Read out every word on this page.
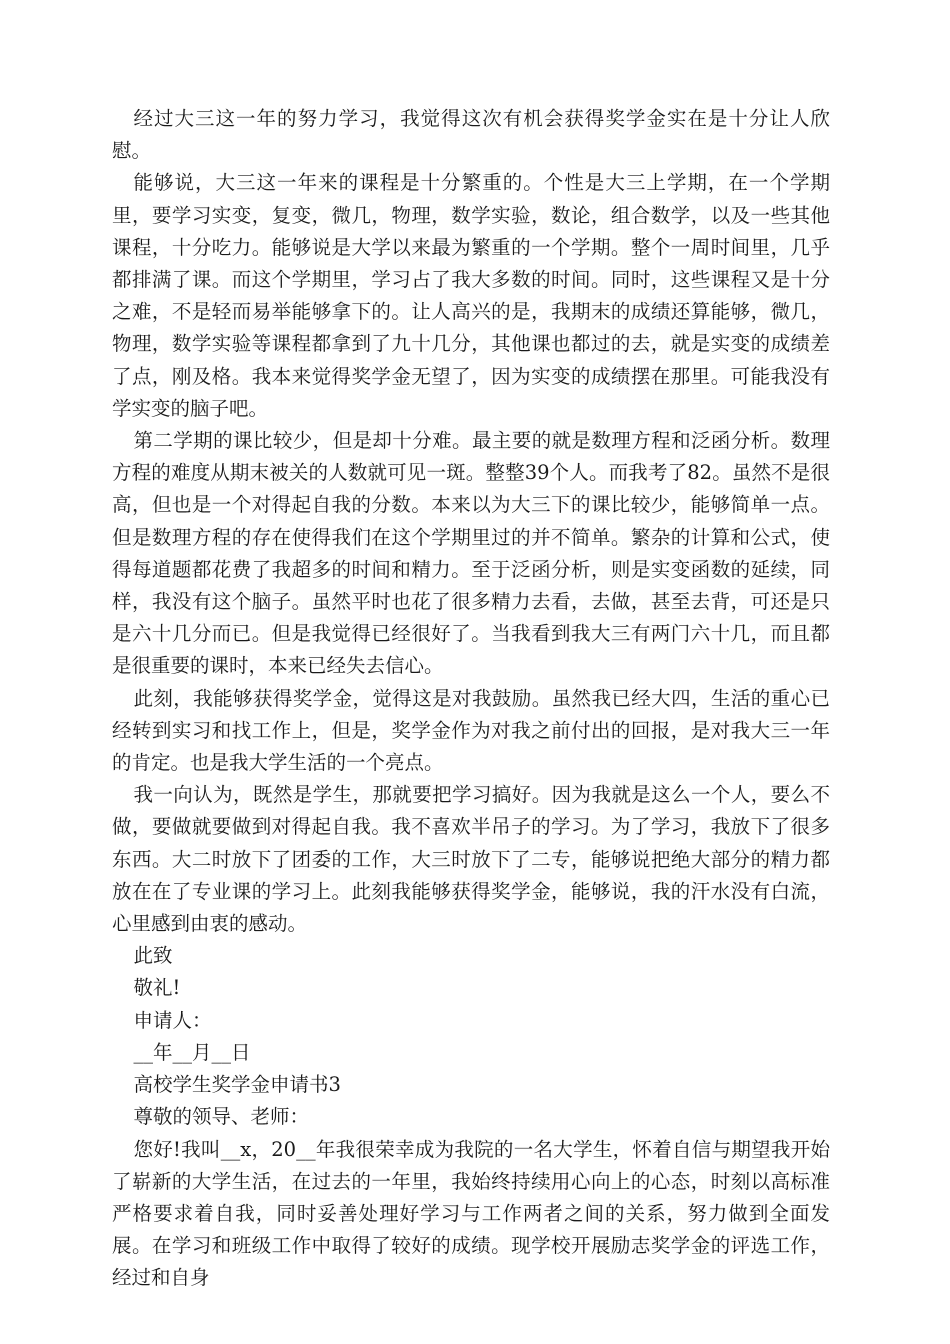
经过大三这一年的努力学习，我觉得这次有机会获得奖学金实在是十分让人欣慰。

能够说，大三这一年来的课程是十分繁重的。个性是大三上学期，在一个学期里，要学习实变，复变，微几，物理，数学实验，数论，组合数学，以及一些其他课程，十分吃力。能够说是大学以来最为繁重的一个学期。整个一周时间里，几乎都排满了课。而这个学期里，学习占了我大多数的时间。同时，这些课程又是十分之难，不是轻而易举能够拿下的。让人高兴的是，我期末的成绩还算能够，微几，物理，数学实验等课程都拿到了九十几分，其他课也都过的去，就是实变的成绩差了点，刚及格。我本来觉得奖学金无望了，因为实变的成绩摆在那里。可能我没有学实变的脑子吧。

第二学期的课比较少，但是却十分难。最主要的就是数理方程和泛函分析。数理方程的难度从期末被关的人数就可见一斑。整整39个人。而我考了82。虽然不是很高，但也是一个对得起自我的分数。本来以为大三下的课比较少，能够简单一点。但是数理方程的存在使得我们在这个学期里过的并不简单。繁杂的计算和公式，使得每道题都花费了我超多的时间和精力。至于泛函分析，则是实变函数的延续，同样，我没有这个脑子。虽然平时也花了很多精力去看，去做，甚至去背，可还是只是六十几分而已。但是我觉得已经很好了。当我看到我大三有两门六十几，而且都是很重要的课时，本来已经失去信心。

此刻，我能够获得奖学金，觉得这是对我鼓励。虽然我已经大四，生活的重心已经转到实习和找工作上，但是，奖学金作为对我之前付出的回报，是对我大三一年的肯定。也是我大学生活的一个亮点。

我一向认为，既然是学生，那就要把学习搞好。因为我就是这么一个人，要么不做，要做就要做到对得起自我。我不喜欢半吊子的学习。为了学习，我放下了很多东西。大二时放下了团委的工作，大三时放下了二专，能够说把绝大部分的精力都放在在了专业课的学习上。此刻我能够获得奖学金，能够说，我的汗水没有白流，心里感到由衷的感动。

此致

敬礼!

申请人：

__年__月__日

高校学生奖学金申请书3

尊敬的领导、老师：

您好!我叫__x，20__年我很荣幸成为我院的一名大学生，怀着自信与期望我开始了崭新的大学生活，在过去的一年里，我始终持续用心向上的心态，时刻以高标准严格要求着自我，同时妥善处理好学习与工作两者之间的关系，努力做到全面发展。在学习和班级工作中取得了较好的成绩。现学校开展励志奖学金的评选工作，经过和自身
